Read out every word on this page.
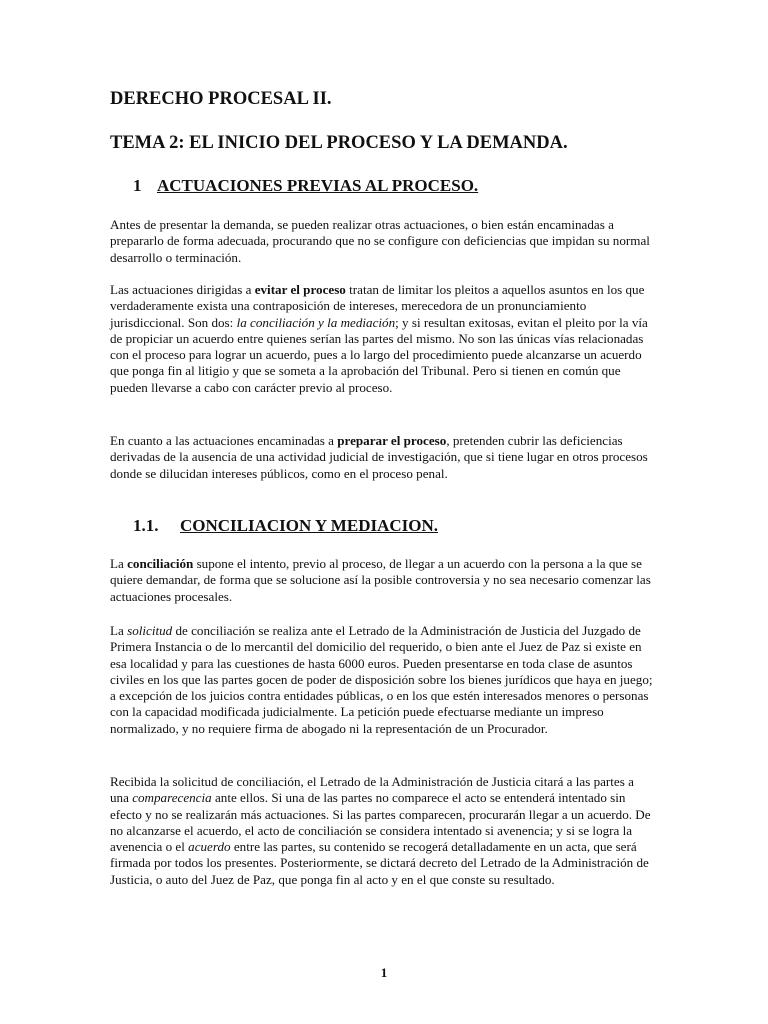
DERECHO PROCESAL II.
TEMA 2: EL INICIO DEL PROCESO Y LA DEMANDA.
1 ACTUACIONES PREVIAS AL PROCESO.

Antes de presentar la demanda, se pueden realizar otras actuaciones, o bien están encaminadas a prepararlo de forma adecuada, procurando que no se configure con deficiencias que impidan su normal desarrollo o terminación.

Las actuaciones dirigidas a evitar el proceso tratan de limitar los pleitos a aquellos asuntos en los que verdaderamente exista una contraposición de intereses, merecedora de un pronunciamiento jurisdiccional. Son dos: la conciliación y la mediación; y si resultan exitosas, evitan el pleito por la vía de propiciar un acuerdo entre quienes serían las partes del mismo. No son las únicas vías relacionadas con el proceso para lograr un acuerdo, pues a lo largo del procedimiento puede alcanzarse un acuerdo que ponga fin al litigio y que se someta a la aprobación del Tribunal. Pero si tienen en común que pueden llevarse a cabo con carácter previo al proceso.

En cuanto a las actuaciones encaminadas a preparar el proceso, pretenden cubrir las deficiencias derivadas de la ausencia de una actividad judicial de investigación, que si tiene lugar en otros procesos donde se dilucidan intereses públicos, como en el proceso penal.

1.1. CONCILIACION Y MEDIACION.

La conciliación supone el intento, previo al proceso, de llegar a un acuerdo con la persona a la que se quiere demandar, de forma que se solucione así la posible controversia y no sea necesario comenzar las actuaciones procesales.

La solicitud de conciliación se realiza ante el Letrado de la Administración de Justicia del Juzgado de Primera Instancia o de lo mercantil del domicilio del requerido, o bien ante el Juez de Paz si existe en esa localidad y para las cuestiones de hasta 6000 euros. Pueden presentarse en toda clase de asuntos civiles en los que las partes gocen de poder de disposición sobre los bienes jurídicos que haya en juego; a excepción de los juicios contra entidades públicas, o en los que estén interesados menores o personas con la capacidad modificada judicialmente. La petición puede efectuarse mediante un impreso normalizado, y no requiere firma de abogado ni la representación de un Procurador.

Recibida la solicitud de conciliación, el Letrado de la Administración de Justicia citará a las partes a una comparecencia ante ellos. Si una de las partes no comparece el acto se entenderá intentado sin efecto y no se realizarán más actuaciones. Si las partes comparecen, procurarán llegar a un acuerdo. De no alcanzarse el acuerdo, el acto de conciliación se considera intentado si avenencia; y si se logra la avenencia o el acuerdo entre las partes, su contenido se recogerá detalladamente en un acta, que será firmada por todos los presentes. Posteriormente, se dictará decreto del Letrado de la Administración de Justicia, o auto del Juez de Paz, que ponga fin al acto y en el que conste su resultado.

1
